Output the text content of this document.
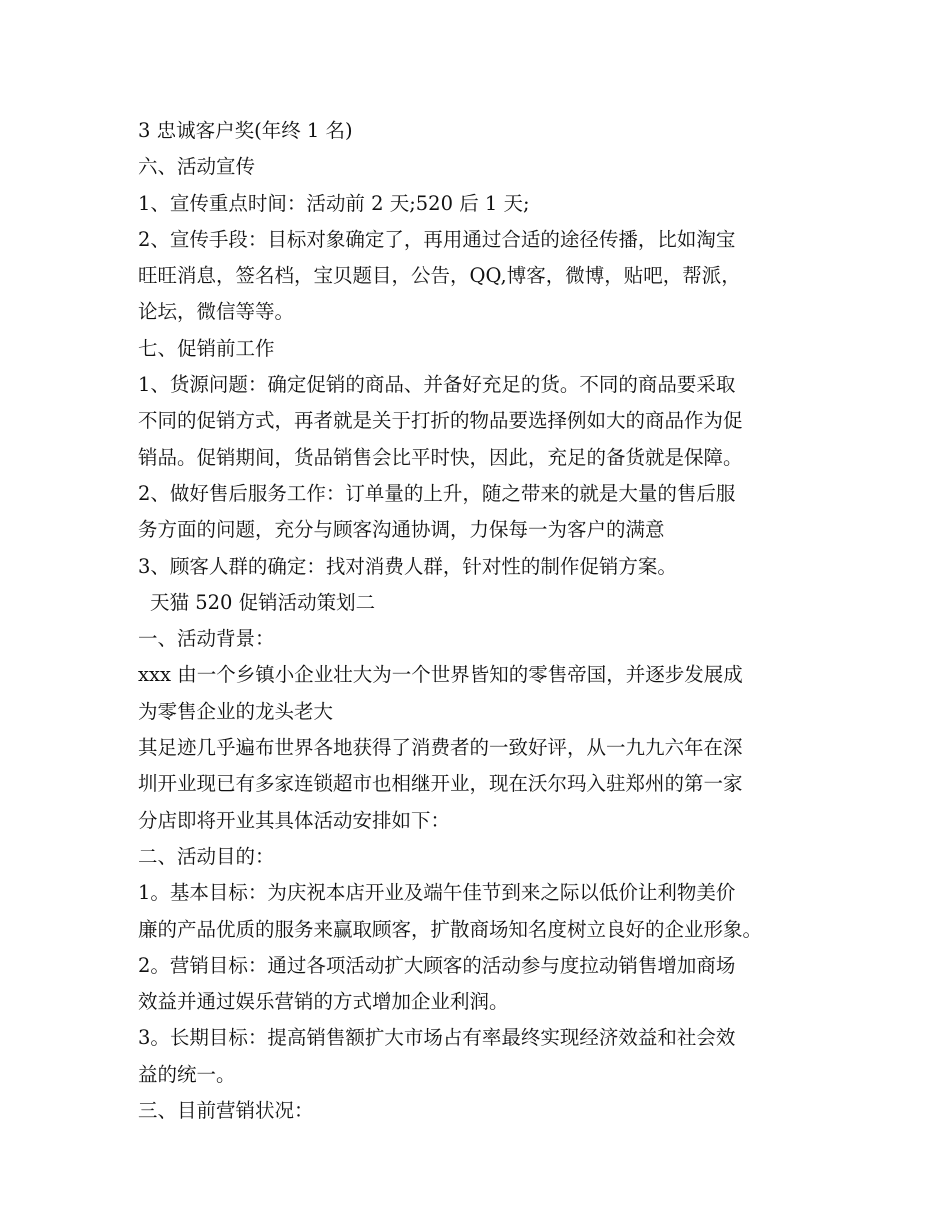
3 忠诚客户奖(年终 1 名)
六、活动宣传
1、宣传重点时间：活动前 2 天;520 后 1 天;
2、宣传手段：目标对象确定了，再用通过合适的途径传播，比如淘宝
旺旺消息，签名档，宝贝题目，公告，QQ,博客，微博，贴吧，帮派，
论坛，微信等等。
七、促销前工作
1、货源问题：确定促销的商品、并备好充足的货。不同的商品要采取
不同的促销方式，再者就是关于打折的物品要选择例如大的商品作为促
销品。促销期间，货品销售会比平时快，因此，充足的备货就是保障。
2、做好售后服务工作：订单量的上升，随之带来的就是大量的售后服
务方面的问题，充分与顾客沟通协调，力保每一为客户的满意
3、顾客人群的确定：找对消费人群，针对性的制作促销方案。
天猫 520 促销活动策划二
一、活动背景：
xxx 由一个乡镇小企业壮大为一个世界皆知的零售帝国，并逐步发展成
为零售企业的龙头老大
其足迹几乎遍布世界各地获得了消费者的一致好评，从一九九六年在深
圳开业现已有多家连锁超市也相继开业，现在沃尔玛入驻郑州的第一家
分店即将开业其具体活动安排如下：
二、活动目的：
1。基本目标：为庆祝本店开业及端午佳节到来之际以低价让利物美价
廉的产品优质的服务来赢取顾客，扩散商场知名度树立良好的企业形象。
2。营销目标：通过各项活动扩大顾客的活动参与度拉动销售增加商场
效益并通过娱乐营销的方式增加企业利润。
3。长期目标：提高销售额扩大市场占有率最终实现经济效益和社会效
益的统一。
三、目前营销状况：
